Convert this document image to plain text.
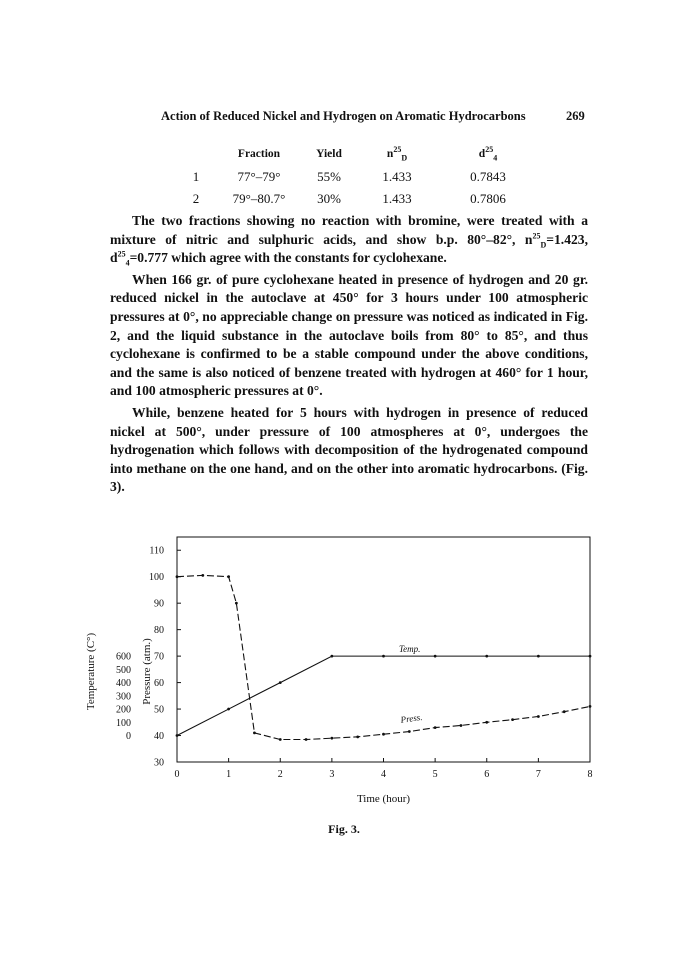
Action of Reduced Nickel and Hydrogen on Aromatic Hydrocarbons	269
	Fraction	Yield	$n^{25}_D$	$d^{25}_4$
1	77°–79°	55%	1.433	0.7843
2	79°–80.7°	30%	1.433	0.7806

The two fractions showing no reaction with bromine, were treated with a mixture of nitric and sulphuric acids, and show b.p. 80°–82°, $n^{25}_D=1.423$, $d^{25}_4=0.777$ which agree with the constants for cyclohexane.

When 166 gr. of pure cyclohexane heated in presence of hydrogen and 20 gr. reduced nickel in the autoclave at 450° for 3 hours under 100 atmospheric pressures at 0°, no appreciable change on pressure was noticed as indicated in Fig. 2, and the liquid substance in the autoclave boils from 80° to 85°, and thus cyclohexane is confirmed to be a stable compound under the above conditions, and the same is also noticed of benzene treated with hydrogen at 460° for 1 hour, and 100 atmospheric pressures at 0°.

While, benzene heated for 5 hours with hydrogen in presence of reduced nickel at 500°, under pressure of 100 atmospheres at 0°, undergoes the hydrogenation which follows with decomposition of the hydrogenated compound into methane on the one hand, and on the other into aromatic hydrocarbons. (Fig. 3).

0	1	2	3	4	5	6	7	8
30
40
50
60
70
80
90
100
110
0
100
200
300
400
500
600
Time (hour)
Temperature (C°)	Pressure (atm.)	Temp.
Press.
Fig. 3.
